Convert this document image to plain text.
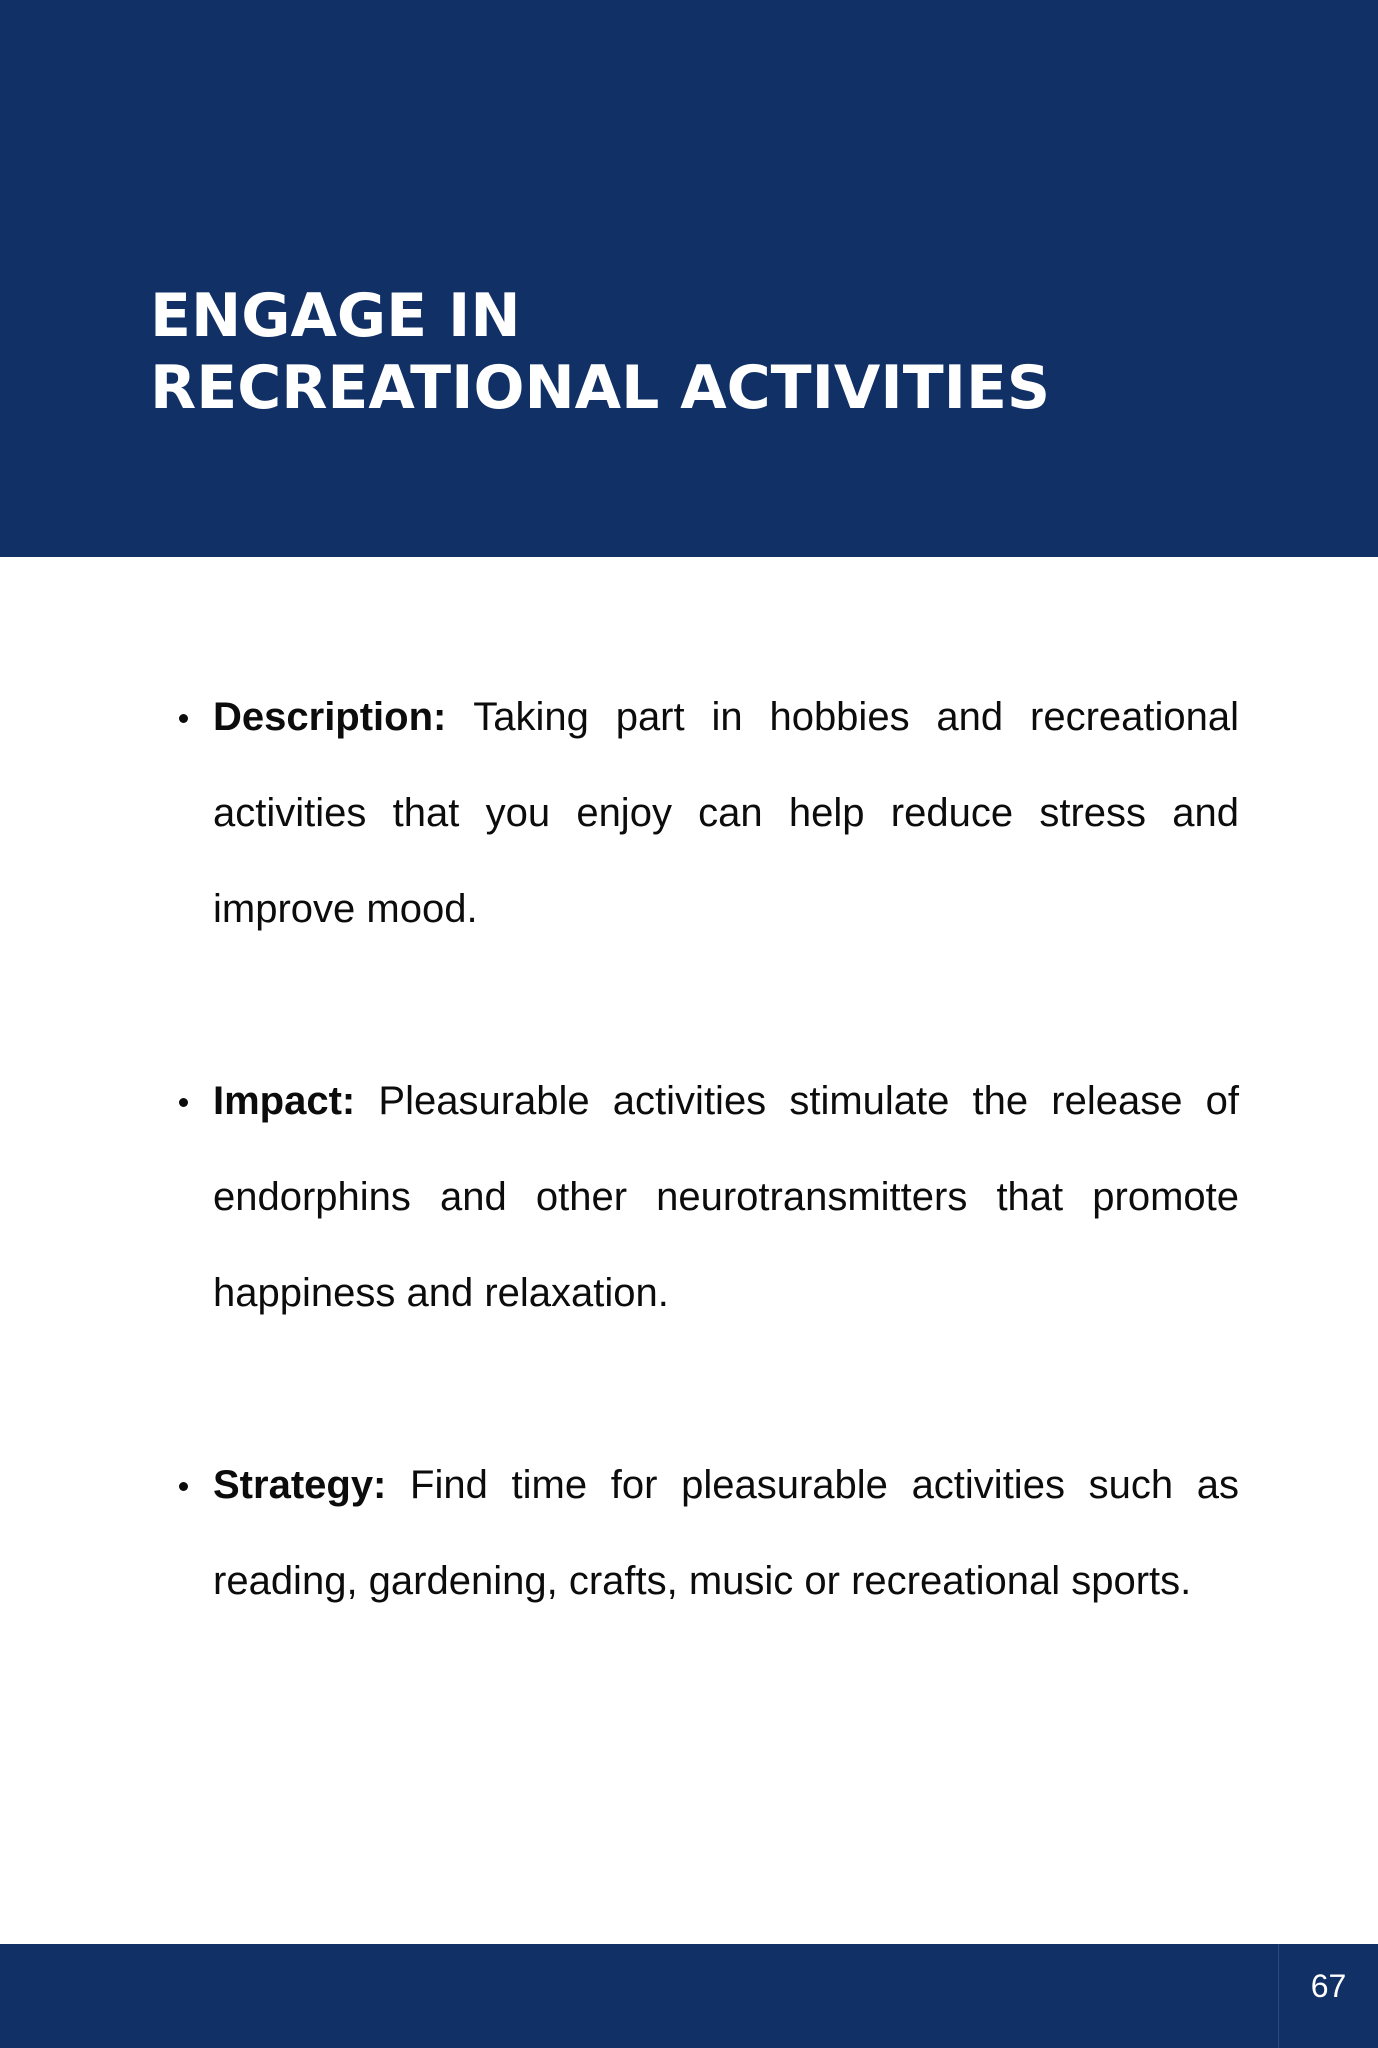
ENGAGE IN
RECREATIONAL ACTIVITIES

Description: Taking part in hobbies and recreational activities that you enjoy can help reduce stress and improve mood.

Impact: Pleasurable activities stimulate the release of endorphins and other neurotransmitters that promote happiness and relaxation.

Strategy: Find time for pleasurable activities such as reading, gardening, crafts, music or recreational sports.

67
